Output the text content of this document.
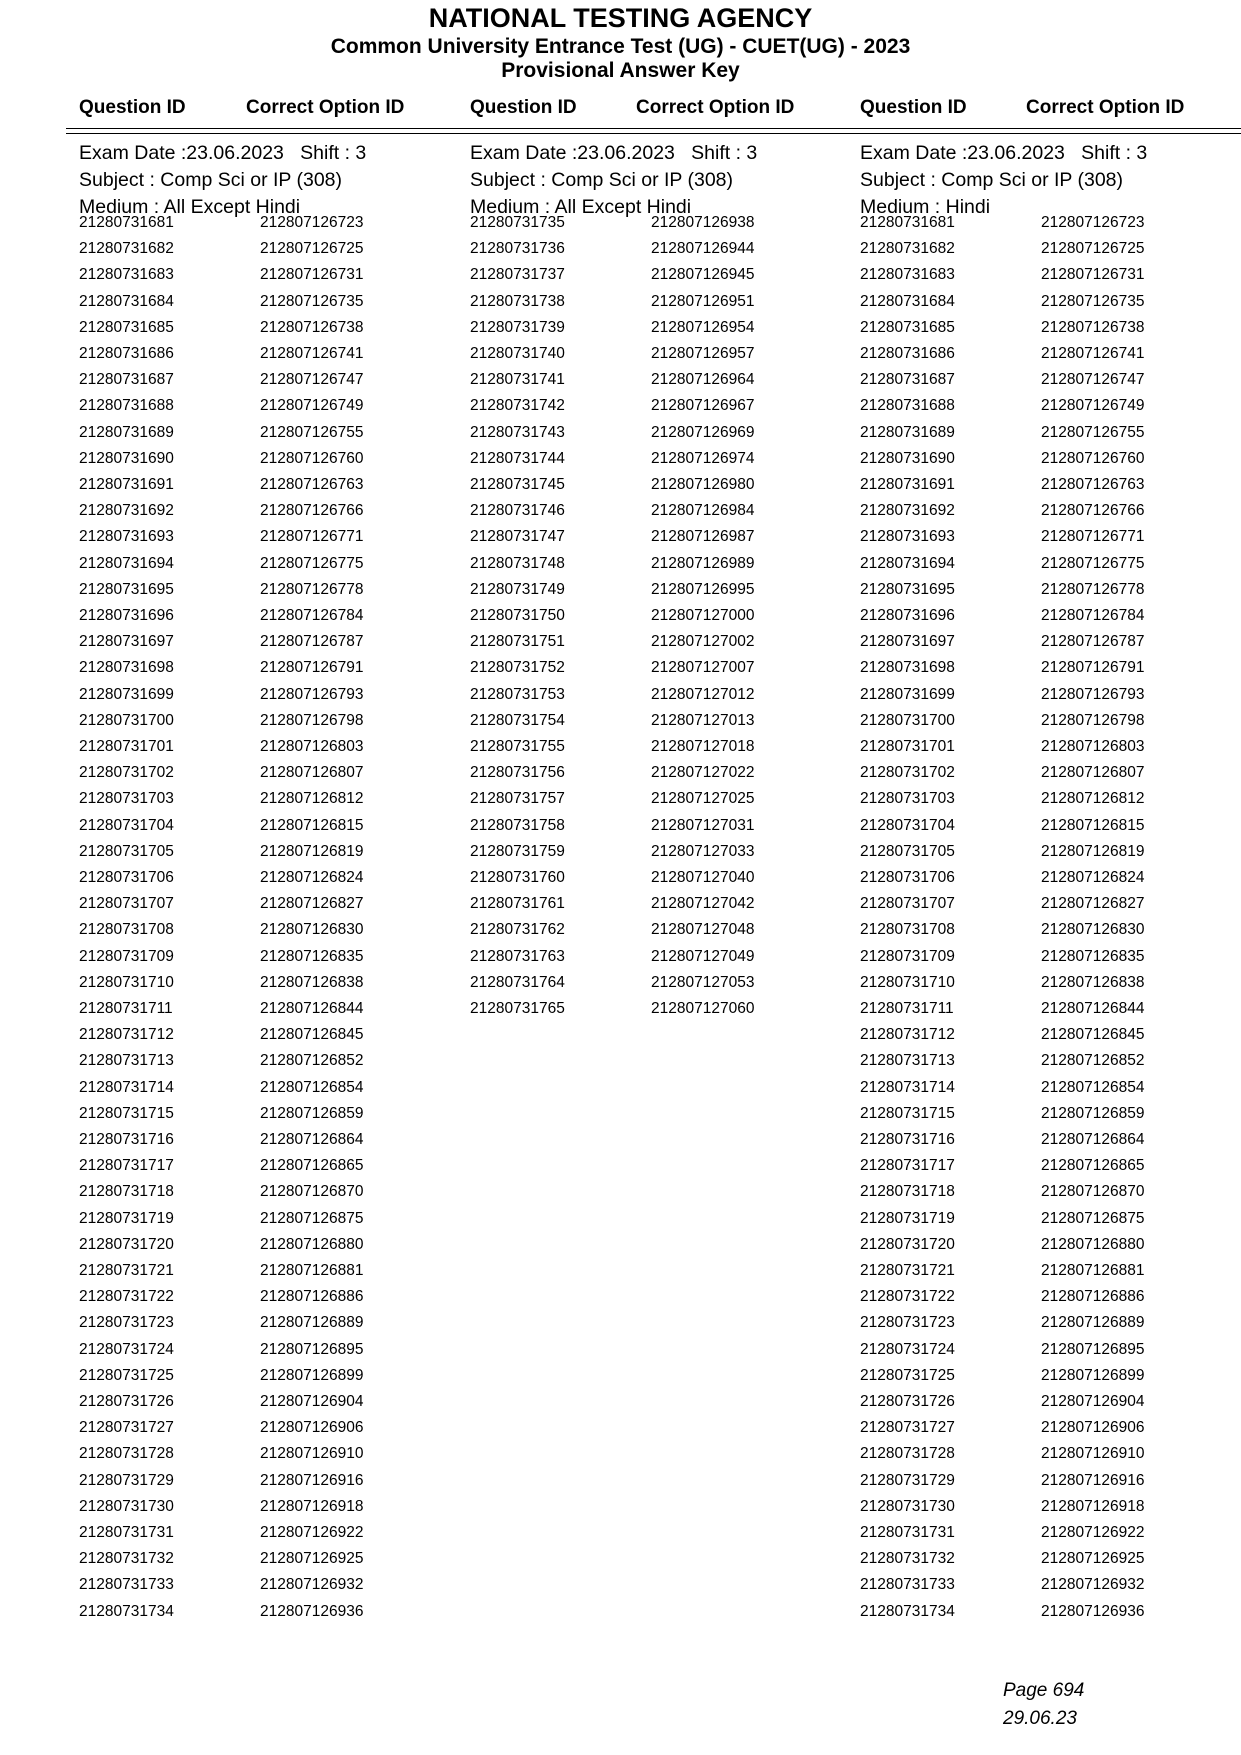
NATIONAL TESTING AGENCY
Common University Entrance Test (UG) - CUET(UG) - 2023
Provisional Answer Key
Question ID	Correct Option ID	Question ID	Correct Option ID	Question ID	Correct Option ID
Exam Date :23.06.2023 Shift : 3
Subject : Comp Sci or IP (308)
Medium : All Except Hindi
21280731681	212807126723
21280731682	212807126725
21280731683	212807126731
21280731684	212807126735
21280731685	212807126738
21280731686	212807126741
21280731687	212807126747
21280731688	212807126749
21280731689	212807126755
21280731690	212807126760
21280731691	212807126763
21280731692	212807126766
21280731693	212807126771
21280731694	212807126775
21280731695	212807126778
21280731696	212807126784
21280731697	212807126787
21280731698	212807126791
21280731699	212807126793
21280731700	212807126798
21280731701	212807126803
21280731702	212807126807
21280731703	212807126812
21280731704	212807126815
21280731705	212807126819
21280731706	212807126824
21280731707	212807126827
21280731708	212807126830
21280731709	212807126835
21280731710	212807126838
21280731711	212807126844
21280731712	212807126845
21280731713	212807126852
21280731714	212807126854
21280731715	212807126859
21280731716	212807126864
21280731717	212807126865
21280731718	212807126870
21280731719	212807126875
21280731720	212807126880
21280731721	212807126881
21280731722	212807126886
21280731723	212807126889
21280731724	212807126895
21280731725	212807126899
21280731726	212807126904
21280731727	212807126906
21280731728	212807126910
21280731729	212807126916
21280731730	212807126918
21280731731	212807126922
21280731732	212807126925
21280731733	212807126932
21280731734	212807126936
Exam Date :23.06.2023 Shift : 3
Subject : Comp Sci or IP (308)
Medium : All Except Hindi
21280731735	212807126938
21280731736	212807126944
21280731737	212807126945
21280731738	212807126951
21280731739	212807126954
21280731740	212807126957
21280731741	212807126964
21280731742	212807126967
21280731743	212807126969
21280731744	212807126974
21280731745	212807126980
21280731746	212807126984
21280731747	212807126987
21280731748	212807126989
21280731749	212807126995
21280731750	212807127000
21280731751	212807127002
21280731752	212807127007
21280731753	212807127012
21280731754	212807127013
21280731755	212807127018
21280731756	212807127022
21280731757	212807127025
21280731758	212807127031
21280731759	212807127033
21280731760	212807127040
21280731761	212807127042
21280731762	212807127048
21280731763	212807127049
21280731764	212807127053
21280731765	212807127060
Exam Date :23.06.2023 Shift : 3
Subject : Comp Sci or IP (308)
Medium : Hindi
21280731681	212807126723
21280731682	212807126725
21280731683	212807126731
21280731684	212807126735
21280731685	212807126738
21280731686	212807126741
21280731687	212807126747
21280731688	212807126749
21280731689	212807126755
21280731690	212807126760
21280731691	212807126763
21280731692	212807126766
21280731693	212807126771
21280731694	212807126775
21280731695	212807126778
21280731696	212807126784
21280731697	212807126787
21280731698	212807126791
21280731699	212807126793
21280731700	212807126798
21280731701	212807126803
21280731702	212807126807
21280731703	212807126812
21280731704	212807126815
21280731705	212807126819
21280731706	212807126824
21280731707	212807126827
21280731708	212807126830
21280731709	212807126835
21280731710	212807126838
21280731711	212807126844
21280731712	212807126845
21280731713	212807126852
21280731714	212807126854
21280731715	212807126859
21280731716	212807126864
21280731717	212807126865
21280731718	212807126870
21280731719	212807126875
21280731720	212807126880
21280731721	212807126881
21280731722	212807126886
21280731723	212807126889
21280731724	212807126895
21280731725	212807126899
21280731726	212807126904
21280731727	212807126906
21280731728	212807126910
21280731729	212807126916
21280731730	212807126918
21280731731	212807126922
21280731732	212807126925
21280731733	212807126932
21280731734	212807126936
Page 694
29.06.23
